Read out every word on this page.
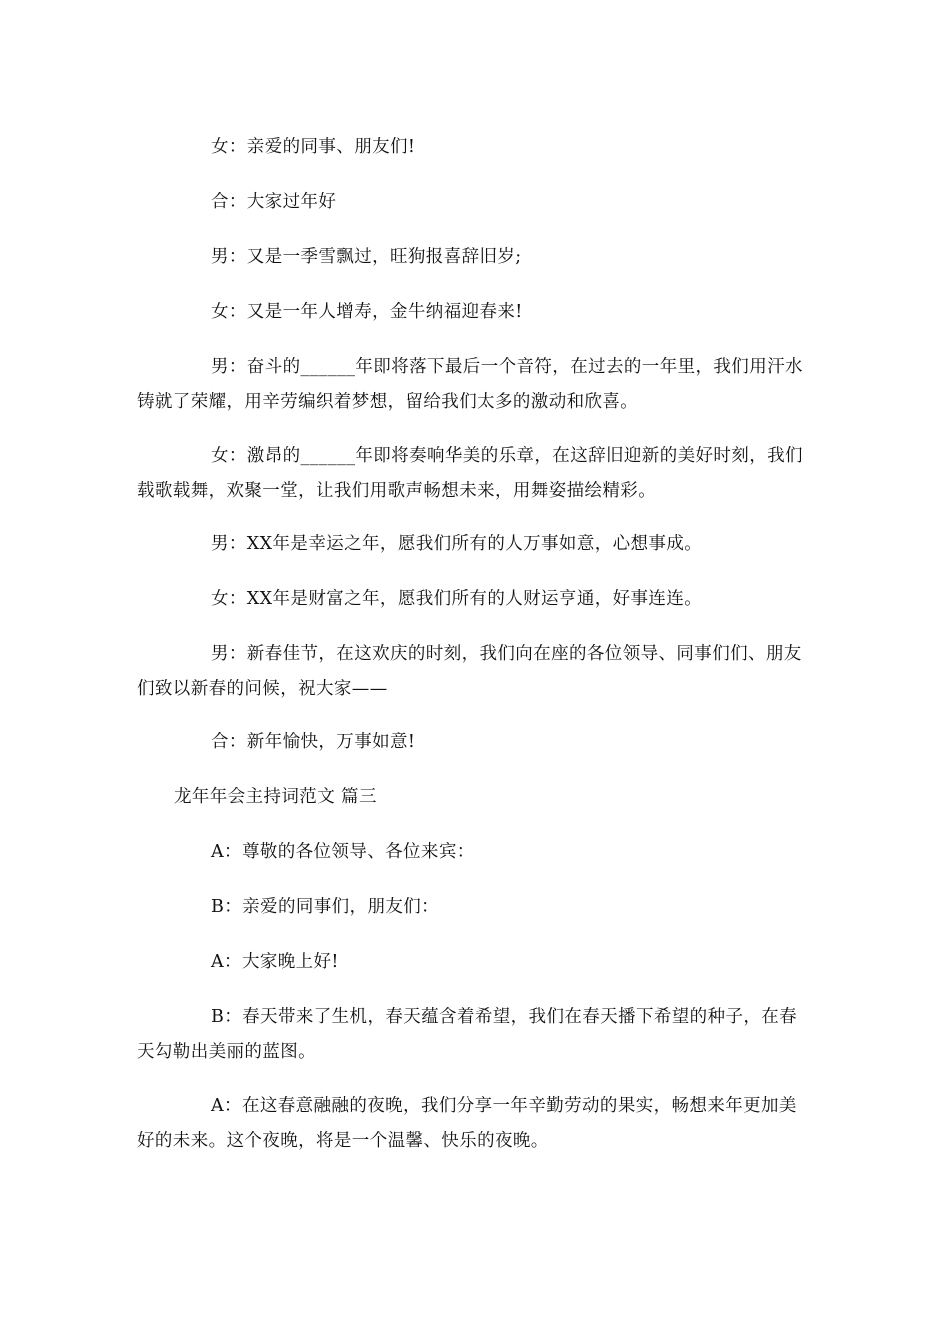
女：亲爱的同事、朋友们!

合：大家过年好

男：又是一季雪飘过，旺狗报喜辞旧岁;

女：又是一年人增寿，金牛纳福迎春来!

男：奋斗的______年即将落下最后一个音符，在过去的一年里，我们用汗水铸就了荣耀，用辛劳编织着梦想，留给我们太多的激动和欣喜。

女：激昂的______年即将奏响华美的乐章，在这辞旧迎新的美好时刻，我们载歌载舞，欢聚一堂，让我们用歌声畅想未来，用舞姿描绘精彩。

男：XX年是幸运之年，愿我们所有的人万事如意，心想事成。

女：XX年是财富之年，愿我们所有的人财运亨通，好事连连。

男：新春佳节，在这欢庆的时刻，我们向在座的各位领导、同事们们、朋友们致以新春的问候，祝大家——

合：新年愉快，万事如意!

龙年年会主持词范文 篇三

A：尊敬的各位领导、各位来宾：

B：亲爱的同事们，朋友们：

A：大家晚上好!

B：春天带来了生机，春天蕴含着希望，我们在春天播下希望的种子，在春天勾勒出美丽的蓝图。

A：在这春意融融的夜晚，我们分享一年辛勤劳动的果实，畅想来年更加美好的未来。这个夜晚，将是一个温馨、快乐的夜晚。
